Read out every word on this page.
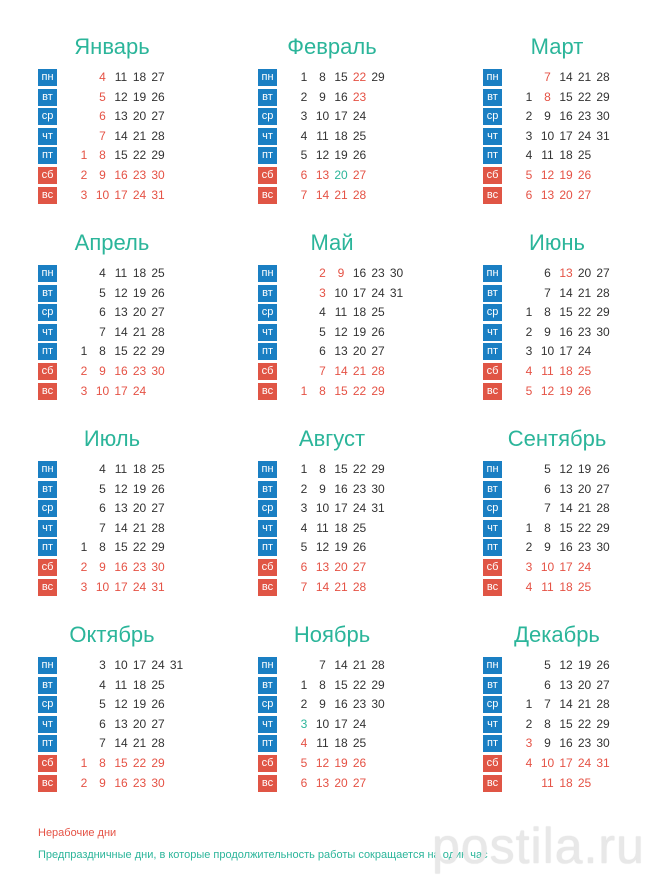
Январь
пн	4 11 18 27
вт	5 12 19 26
ср	6 13 20 27
чт	7 14 21 28
пт	1 8 15 22 29
сб	2 9 16 23 30
вс	3 10 17 24 31
Февраль
пн	1 8 15 22 29
вт	2 9 16 23
ср	3 10 17 24
чт	4 11 18 25
пт	5 12 19 26
сб	6 13 20 27
вс	7 14 21 28
Март
пн	7 14 21 28
вт	1 8 15 22 29
ср	2 9 16 23 30
чт	3 10 17 24 31
пт	4 11 18 25
сб	5 12 19 26
вс	6 13 20 27
Апрель
пн	4 11 18 25
вт	5 12 19 26
ср	6 13 20 27
чт	7 14 21 28
пт	1 8 15 22 29
сб	2 9 16 23 30
вс	3 10 17 24
Май
пн	2 9 16 23 30
вт	3 10 17 24 31
ср	4 11 18 25
чт	5 12 19 26
пт	6 13 20 27
сб	7 14 21 28
вс	1 8 15 22 29
Июнь
пн	6 13 20 27
вт	7 14 21 28
ср	1 8 15 22 29
чт	2 9 16 23 30
пт	3 10 17 24
сб	4 11 18 25
вс	5 12 19 26
Июль
пн	4 11 18 25
вт	5 12 19 26
ср	6 13 20 27
чт	7 14 21 28
пт	1 8 15 22 29
сб	2 9 16 23 30
вс	3 10 17 24 31
Август
пн	1 8 15 22 29
вт	2 9 16 23 30
ср	3 10 17 24 31
чт	4 11 18 25
пт	5 12 19 26
сб	6 13 20 27
вс	7 14 21 28
Сентябрь
пн	5 12 19 26
вт	6 13 20 27
ср	7 14 21 28
чт	1 8 15 22 29
пт	2 9 16 23 30
сб	3 10 17 24
вс	4 11 18 25
Октябрь
пн	3 10 17 24 31
вт	4 11 18 25
ср	5 12 19 26
чт	6 13 20 27
пт	7 14 21 28
сб	1 8 15 22 29
вс	2 9 16 23 30
Ноябрь
пн	7 14 21 28
вт	1 8 15 22 29
ср	2 9 16 23 30
чт	3 10 17 24
пт	4 11 18 25
сб	5 12 19 26
вс	6 13 20 27
Декабрь
пн	5 12 19 26
вт	6 13 20 27
ср	1 7 14 21 28
чт	2 8 15 22 29
пт	3 9 16 23 30
сб	4 10 17 24 31
вс	11 18 25
Нерабочие дни
Предпраздничные дни, в которые продолжительность работы сокращается на один час
postila.ru
